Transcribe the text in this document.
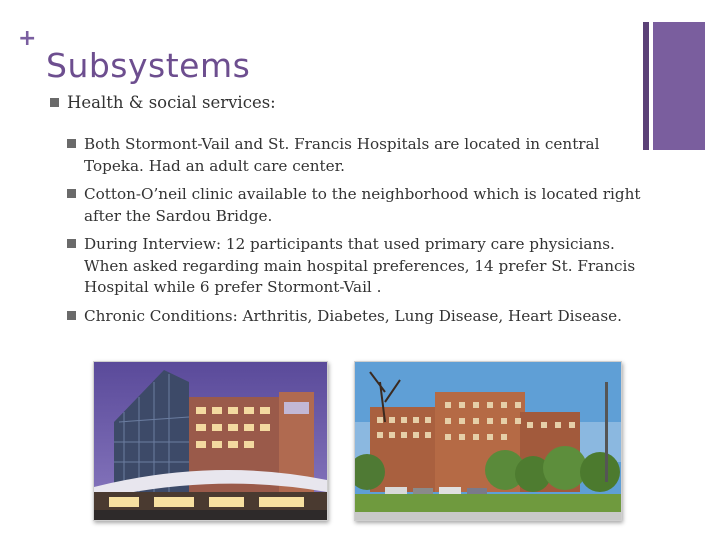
+
Subsystems
Health & social services:
Both Stormont-Vail and St. Francis Hospitals are located in central Topeka. Had an adult care center.
Cotton-O’neil clinic available to the neighborhood which is located right after the Sardou Bridge.
During Interview: 12 participants that used primary care physicians. When asked regarding main hospital preferences, 14 prefer St. Francis Hospital while 6 prefer Stormont-Vail .
Chronic Conditions: Arthritis, Diabetes, Lung Disease, Heart Disease.
